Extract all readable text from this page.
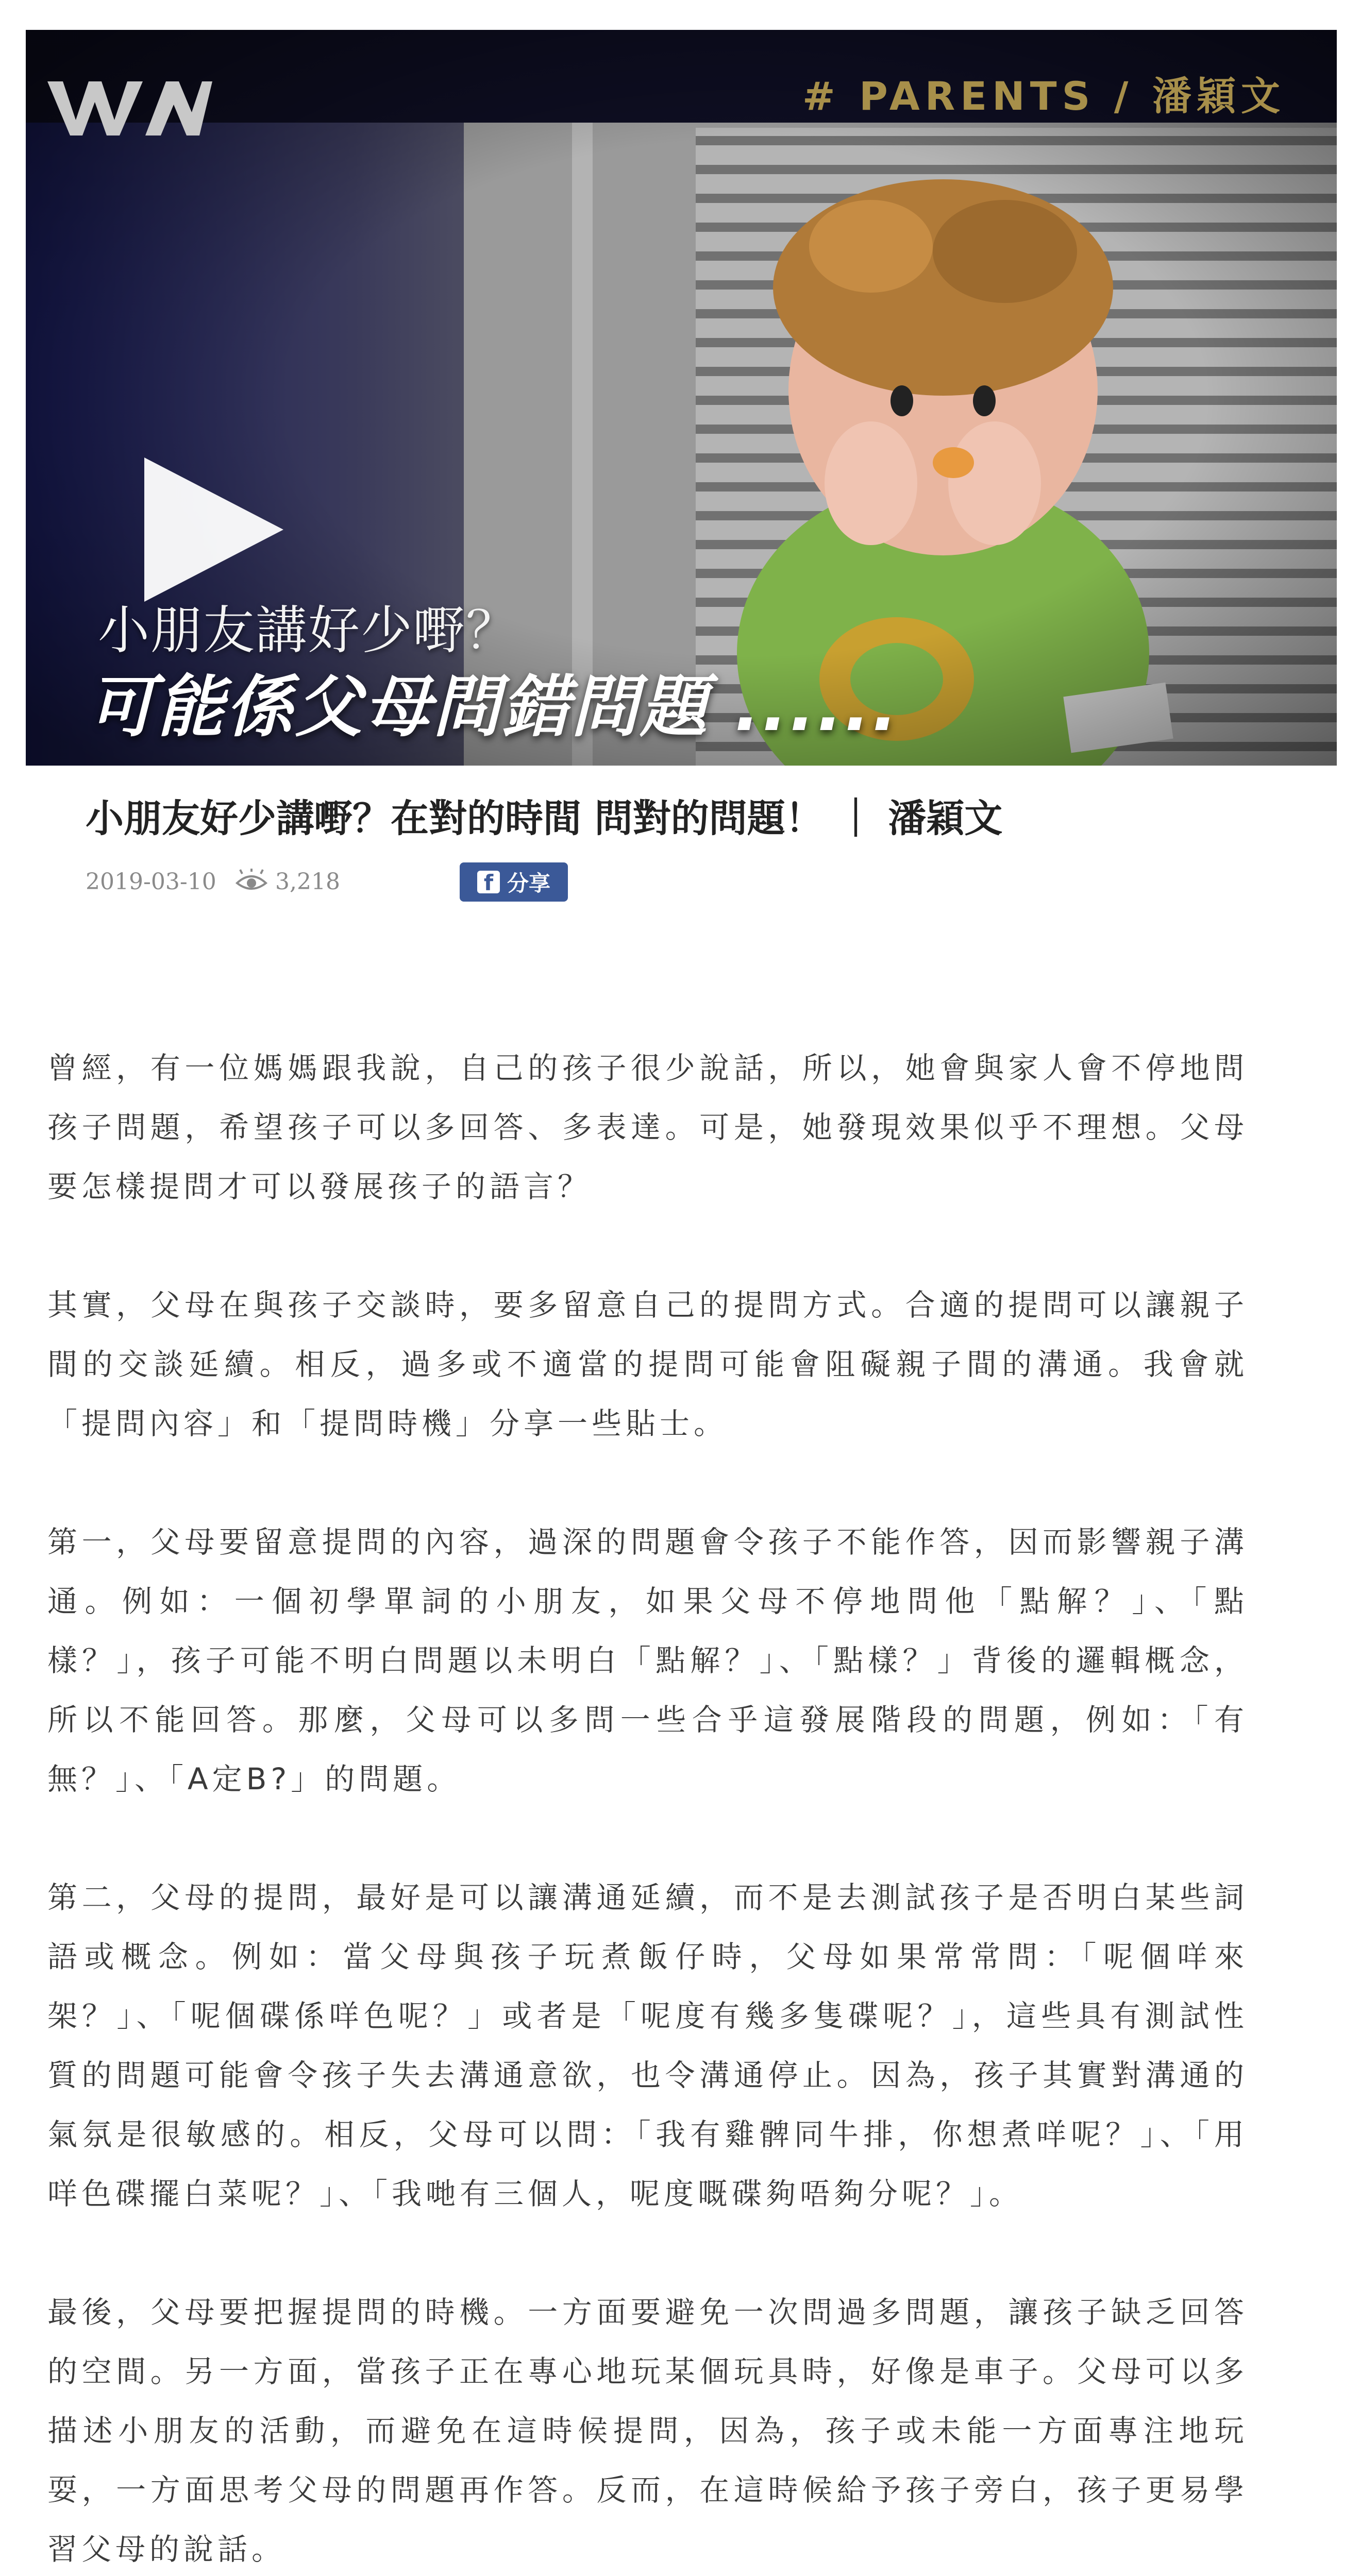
# PARENTS / 潘穎文
小朋友講好少嘢？
可能係父母問錯問題 ......
小朋友好少講嘢？在對的時間 問對的問題！ ｜ 潘穎文
2019-03-10	3,218	f 分享

曾經，有一位媽媽跟我說，自己的孩子很少說話，所以，她會與家人會不停地問孩子問題，希望孩子可以多回答、多表達。可是，她發現效果似乎不理想。父母要怎樣提問才可以發展孩子的語言？

其實，父母在與孩子交談時，要多留意自己的提問方式。合適的提問可以讓親子間的交談延續。相反，過多或不適當的提問可能會阻礙親子間的溝通。我會就「提問內容」和「提問時機」分享一些貼士。

第一，父母要留意提問的內容，過深的問題會令孩子不能作答，因而影響親子溝通。例如：一個初學單詞的小朋友，如果父母不停地問他「點解？」、「點樣？」，孩子可能不明白問題以未明白「點解？」、「點樣？」背後的邏輯概念，所以不能回答。那麼，父母可以多問一些合乎這發展階段的問題，例如：「有無？」、「A定B?」的問題。

第二，父母的提問，最好是可以讓溝通延續，而不是去測試孩子是否明白某些詞語或概念。例如：當父母與孩子玩煮飯仔時，父母如果常常問：「呢個咩來架？」、「呢個碟係咩色呢？」或者是「呢度有幾多隻碟呢？」，這些具有測試性質的問題可能會令孩子失去溝通意欲，也令溝通停止。因為，孩子其實對溝通的氣氛是很敏感的。相反，父母可以問：「我有雞髀同牛排，你想煮咩呢？」、「用咩色碟擺白菜呢？」、「我哋有三個人，呢度嘅碟夠唔夠分呢？」。

最後，父母要把握提問的時機。一方面要避免一次問過多問題，讓孩子缺乏回答的空間。另一方面，當孩子正在專心地玩某個玩具時，好像是車子。父母可以多描述小朋友的活動，而避免在這時候提問，因為，孩子或未能一方面專注地玩耍，一方面思考父母的問題再作答。反而，在這時候給予孩子旁白，孩子更易學習父母的說話。
